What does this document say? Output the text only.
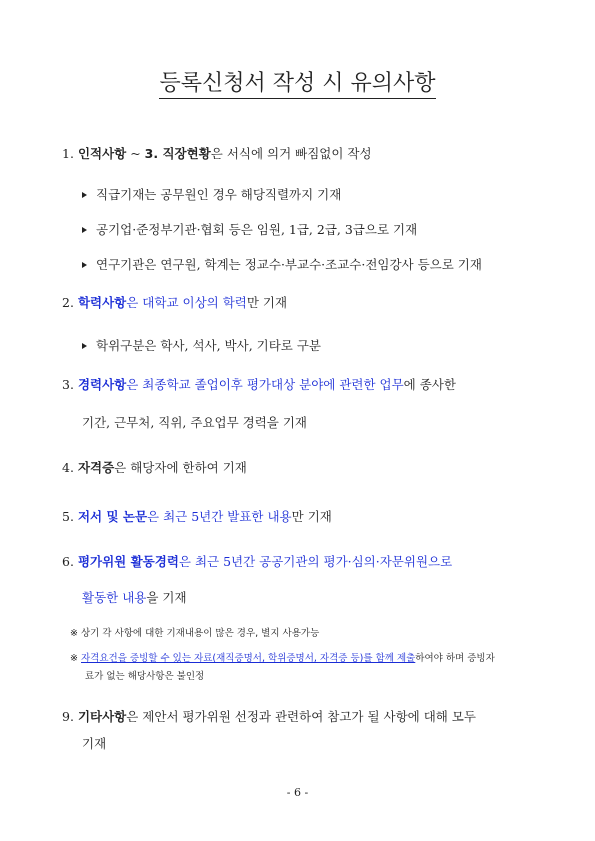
등록신청서 작성 시 유의사항
1. 인적사항 ~ 3. 직장현황은 서식에 의거 빠짐없이 작성
직급기재는 공무원인 경우 해당직렬까지 기재
공기업·준정부기관·협회 등은 임원, 1급, 2급, 3급으로 기재
연구기관은 연구원, 학계는 정교수·부교수·조교수·전임강사 등으로 기재
2. 학력사항은 대학교 이상의 학력만 기재
학위구분은 학사, 석사, 박사, 기타로 구분
3. 경력사항은 최종학교 졸업이후 평가대상 분야에 관련한 업무에 종사한
기간, 근무처, 직위, 주요업무 경력을 기재
4. 자격증은 해당자에 한하여 기재
5. 저서 및 논문은 최근 5년간 발표한 내용만 기재
6. 평가위원 활동경력은 최근 5년간 공공기관의 평가·심의·자문위원으로
활동한 내용을 기재
※ 상기 각 사항에 대한 기재내용이 많은 경우, 별지 사용가능
※ 자격요건을 증빙할 수 있는 자료(재직증명서, 학위증명서, 자격증 등)를 함께 제출하여야 하며 증빙자
료가 없는 해당사항은 불인정
9. 기타사항은 제안서 평가위원 선정과 관련하여 참고가 될 사항에 대해 모두
기재
- 6 -
